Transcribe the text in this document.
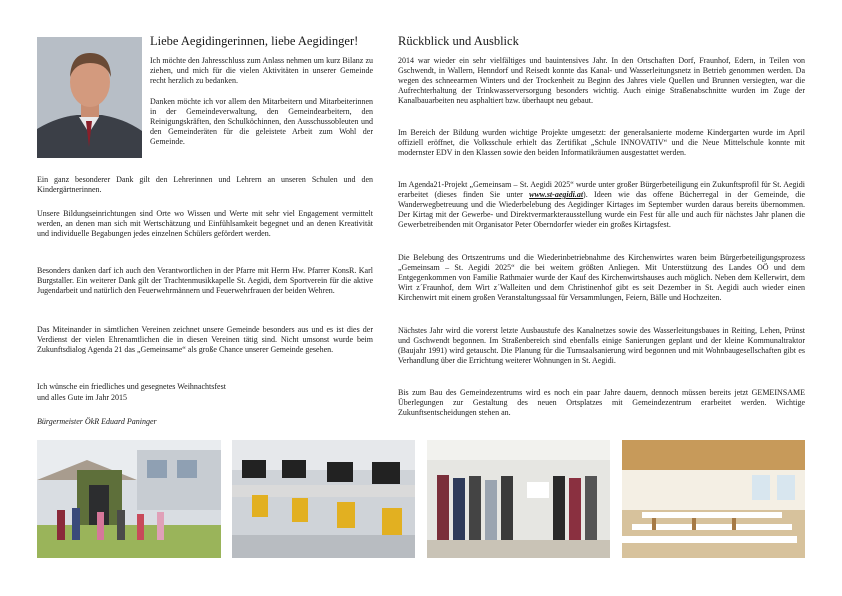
Liebe Aegidingerinnen, liebe Aegidinger!
Ich möchte den Jahresschluss zum Anlass nehmen um kurz Bilanz zu ziehen, und mich für die vielen Aktivitäten in unserer Gemeinde recht herzlich zu bedanken.
Danken möchte ich vor allem den Mitarbeitern und Mitarbeiterinnen in der Gemeindeverwaltung, den Gemeindearbeitern, den Reinigungskräften, den Schulköchinnen, den Ausschussobleuten und den Gemeinderäten für die geleistete Arbeit zum Wohl der Gemeinde.
Ein ganz besonderer Dank gilt den Lehrerinnen und Lehrern an unseren Schulen und den Kindergärtnerinnen.
Unsere Bildungseinrichtungen sind Orte wo Wissen und Werte mit sehr viel Engagement vermittelt werden, an denen man sich mit Wertschätzung und Einfühlsamkeit begegnet und an denen Kreativität und individuelle Begabungen jedes einzelnen Schülers gefördert werden.
Besonders danken darf ich auch den Verantwortlichen in der Pfarre mit Herrn Hw. Pfarrer KonsR. Karl Burgstaller. Ein weiterer Dank gilt der Trachtenmusikkapelle St. Aegidi, dem Sportverein für die aktive Jugendarbeit und natürlich den Feuerwehrmännern und Feuerwehrfrauen der beiden Wehren.
Das Miteinander in sämtlichen Vereinen zeichnet unsere Gemeinde besonders aus und es ist dies der Verdienst der vielen Ehrenamtlichen die in diesen Vereinen tätig sind. Nicht umsonst wurde beim Zukunftsdialog Agenda 21 das „Gemeinsame“ als große Chance unserer Gemeinde gesehen.
Ich wünsche ein friedliches und gesegnetes Weihnachtsfest
und alles Gute im Jahr 2015
Bürgermeister ÖkR Eduard Paninger
Rückblick und Ausblick
2014 war wieder ein sehr vielfältiges und bauintensives Jahr. In den Ortschaften Dorf, Fraunhof, Edern, in Teilen von Gschwendt, in Wallern, Henndorf und Reisedt konnte das Kanal- und Wasserleitungsnetz in Betrieb genommen werden. Da wegen des schneearmen Winters und der Trockenheit zu Beginn des Jahres viele Quellen und Brunnen versiegten, war die Aufrechterhaltung der Trinkwasserversorgung besonders wichtig. Auch einige Straßenabschnitte wurden im Zuge der Kanalbauarbeiten neu asphaltiert bzw. überhaupt neu gebaut.
Im Bereich der Bildung wurden wichtige Projekte umgesetzt: der generalsanierte moderne Kindergarten wurde im April offiziell eröffnet, die Volksschule erhielt das Zertifikat „Schule INNOVATIV“ und die Neue Mittelschule konnte mit modernster EDV in den Klassen sowie den beiden Informatikräumen ausgestattet werden.
Im Agenda21-Projekt „Gemeinsam – St. Aegidi 2025“ wurde unter großer Bürgerbeteiligung ein Zukunftsprofil für St. Aegidi erarbeitet (dieses finden Sie unter www.st-aegidi.at). Ideen wie das offene Bücherregal in der Gemeinde, die Wanderwegbetreuung und die Wiederbelebung des Aegidinger Kirtages im September wurden daraus bereits übernommen. Der Kirtag mit der Gewerbe- und Direktvermarkterausstellung wurde ein Fest für alle und auch für nächstes Jahr planen die Gewerbetreibenden mit Organisator Peter Oberndorfer wieder ein großes Kirtagsfest.
Die Belebung des Ortszentrums und die Wiederinbetriebnahme des Kirchenwirtes waren beim Bürgerbeteiligungsprozess „Gemeinsam – St. Aegidi 2025“ die bei weitem größten Anliegen. Mit Unterstützung des Landes OÖ und dem Entgegenkommen von Familie Rathmaier wurde der Kauf des Kirchenwirtshauses auch möglich. Neben dem Kellerwirt, dem Wirt z´Fraunhof, dem Wirt z´Walleiten und dem Christinenhof gibt es seit Dezember in St. Aegidi auch wieder einen Kirchenwirt mit einem großen Veranstaltungssaal für Versammlungen, Feiern, Bälle und Hochzeiten.
Nächstes Jahr wird die vorerst letzte Ausbaustufe des Kanalnetzes sowie des Wasserleitungsbaues in Reiting, Lehen, Prünst und Gschwendt begonnen. Im Straßenbereich sind ebenfalls einige Sanierungen geplant und der kleine Kommunaltraktor (Baujahr 1991) wird getauscht. Die Planung für die Turnsaalsanierung wird begonnen und mit Wohnbaugesellschaften gibt es Verhandlung über die Errichtung weiterer Wohnungen in St. Aegidi.
Bis zum Bau des Gemeindezentrums wird es noch ein paar Jahre dauern, dennoch müssen bereits jetzt GEMEINSAME Überlegungen zur Gestaltung des neuen Ortsplatzes mit Gemeindezentrum erarbeitet werden. Wichtige Zukunftsentscheidungen stehen an.
